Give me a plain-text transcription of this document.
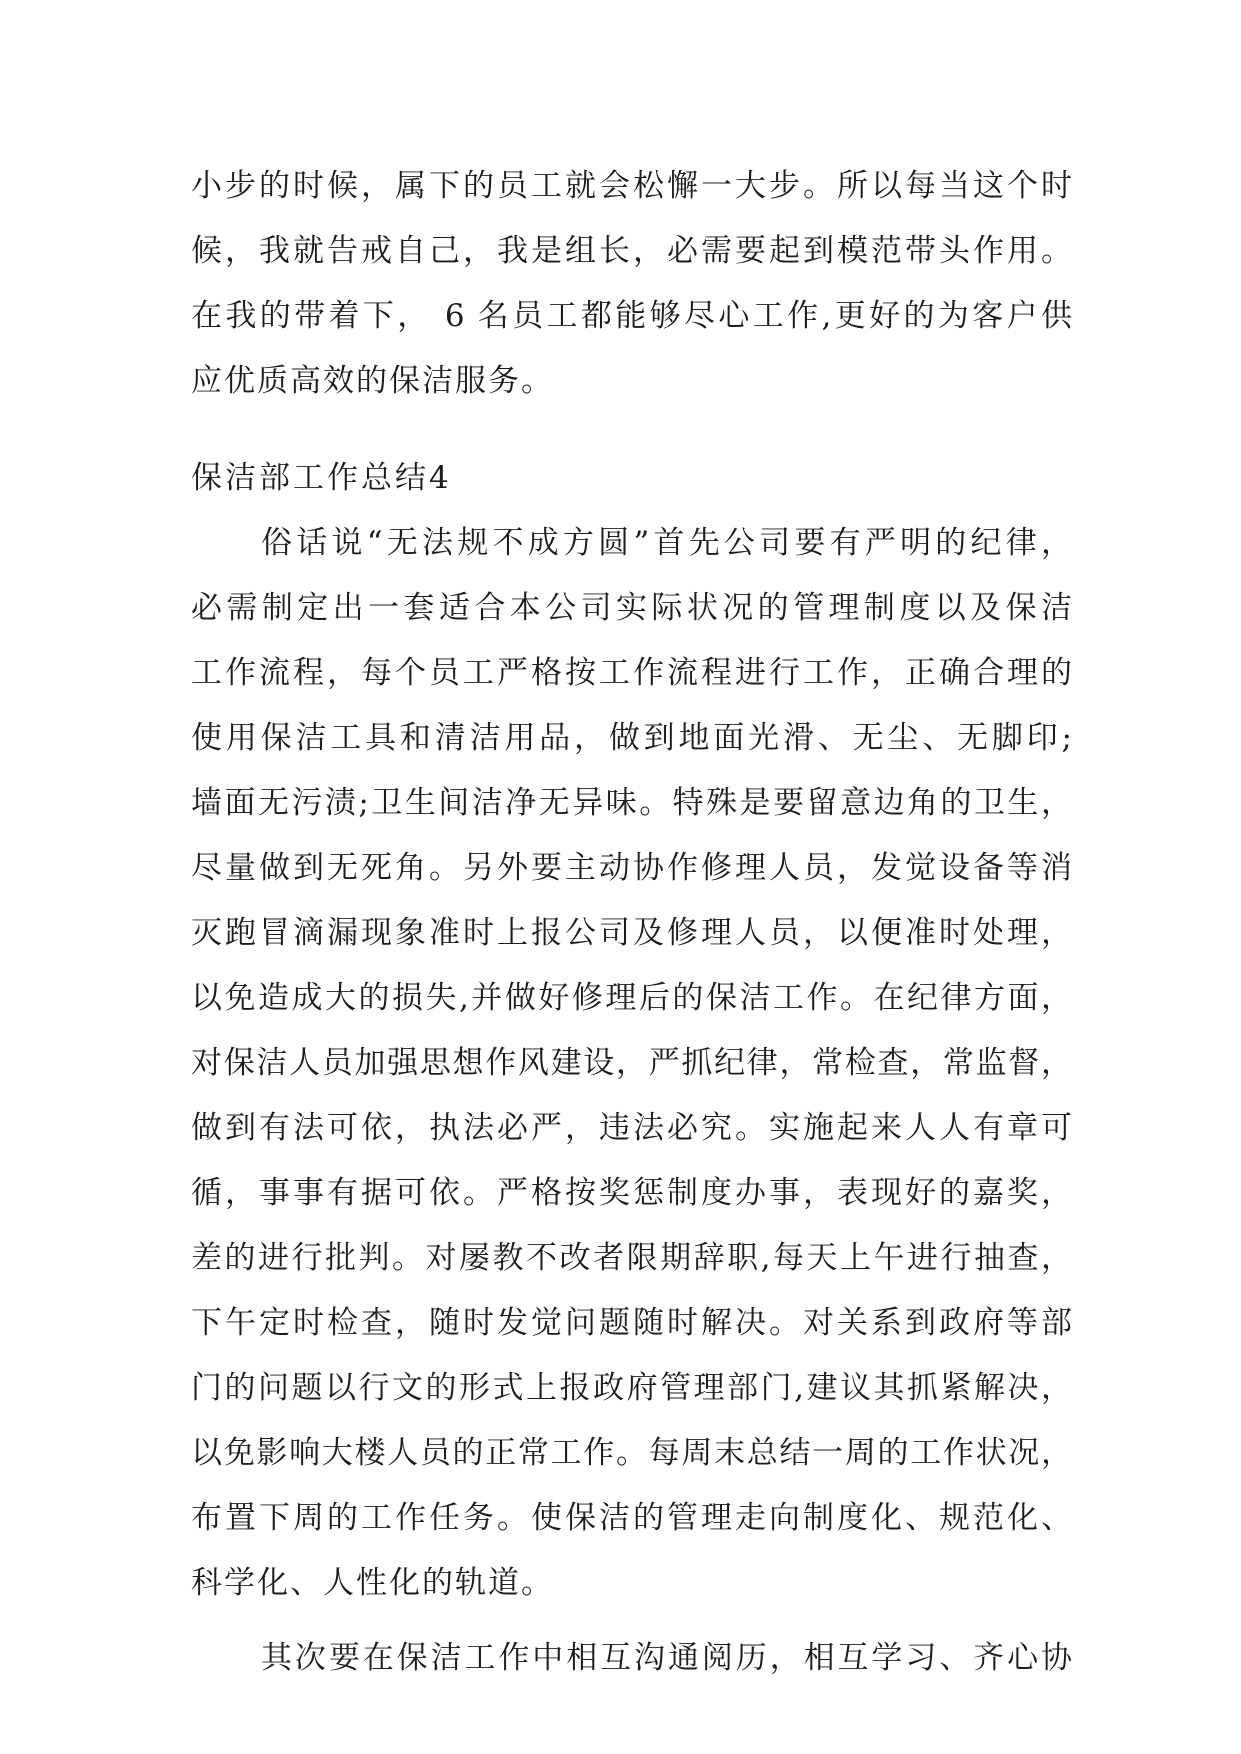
小步的时候，属下的员工就会松懈一大步。所以每当这个时
候，我就告戒自己，我是组长，必需要起到模范带头作用。
在我的带着下， 6 名员工都能够尽心工作,更好的为客户供
应优质高效的保洁服务。
保洁部工作总结4
俗话说“无法规不成方圆”首先公司要有严明的纪律，
必需制定出一套适合本公司实际状况的管理制度以及保洁
工作流程，每个员工严格按工作流程进行工作，正确合理的
使用保洁工具和清洁用品，做到地面光滑、无尘、无脚印;
墙面无污渍;卫生间洁净无异味。特殊是要留意边角的卫生，
尽量做到无死角。另外要主动协作修理人员，发觉设备等消
灭跑冒滴漏现象准时上报公司及修理人员，以便准时处理，
以免造成大的损失,并做好修理后的保洁工作。在纪律方面，
对保洁人员加强思想作风建设，严抓纪律，常检查，常监督，
做到有法可依，执法必严，违法必究。实施起来人人有章可
循，事事有据可依。严格按奖惩制度办事，表现好的嘉奖，
差的进行批判。对屡教不改者限期辞职,每天上午进行抽查，
下午定时检查，随时发觉问题随时解决。对关系到政府等部
门的问题以行文的形式上报政府管理部门,建议其抓紧解决，
以免影响大楼人员的正常工作。每周末总结一周的工作状况，
布置下周的工作任务。使保洁的管理走向制度化、规范化、
科学化、人性化的轨道。
其次要在保洁工作中相互沟通阅历，相互学习、齐心协
